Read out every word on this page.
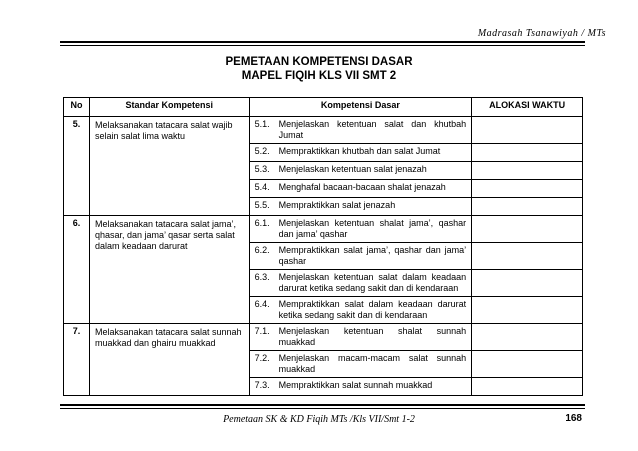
Madrasah Tsanawiyah / MTs
PEMETAAN KOMPETENSI DASAR
MAPEL FIQIH KLS VII SMT 2
No	Standar Kompetensi	Kompetensi Dasar	ALOKASI WAKTU
5.	Melaksanakan tatacara salat wajib selain salat lima waktu	5.1. Menjelaskan ketentuan salat dan khutbah Jumat	

		5.2. Mempraktikkan khutbah dan salat Jumat	

		5.3. Menjelaskan ketentuan salat jenazah	

		5.4. Menghafal bacaan-bacaan shalat jenazah	

		5.5. Mempraktikkan salat jenazah	

6.	Melaksanakan tatacara salat jama’, qhasar, dan jama’ qasar serta salat dalam keadaan darurat	6.1. Menjelaskan ketentuan shalat jama’, qashar dan jama’ qashar	

		6.2. Mempraktikkan salat jama’, qashar dan jama’ qashar	

		6.3. Menjelaskan ketentuan salat dalam keadaan darurat ketika sedang sakit dan di kendaraan	

		6.4. Mempraktikkan salat dalam keadaan darurat ketika sedang sakit dan di kendaraan	

7.	Melaksanakan tatacara salat sunnah muakkad dan ghairu muakkad	7.1. Menjelaskan ketentuan shalat sunnah muakkad	

		7.2. Menjelaskan macam-macam salat sunnah muakkad	

		7.3. Mempraktikkan salat sunnah muakkad	

Pemetaan SK & KD Fiqih MTs /Kls VII/Smt 1-2	168
